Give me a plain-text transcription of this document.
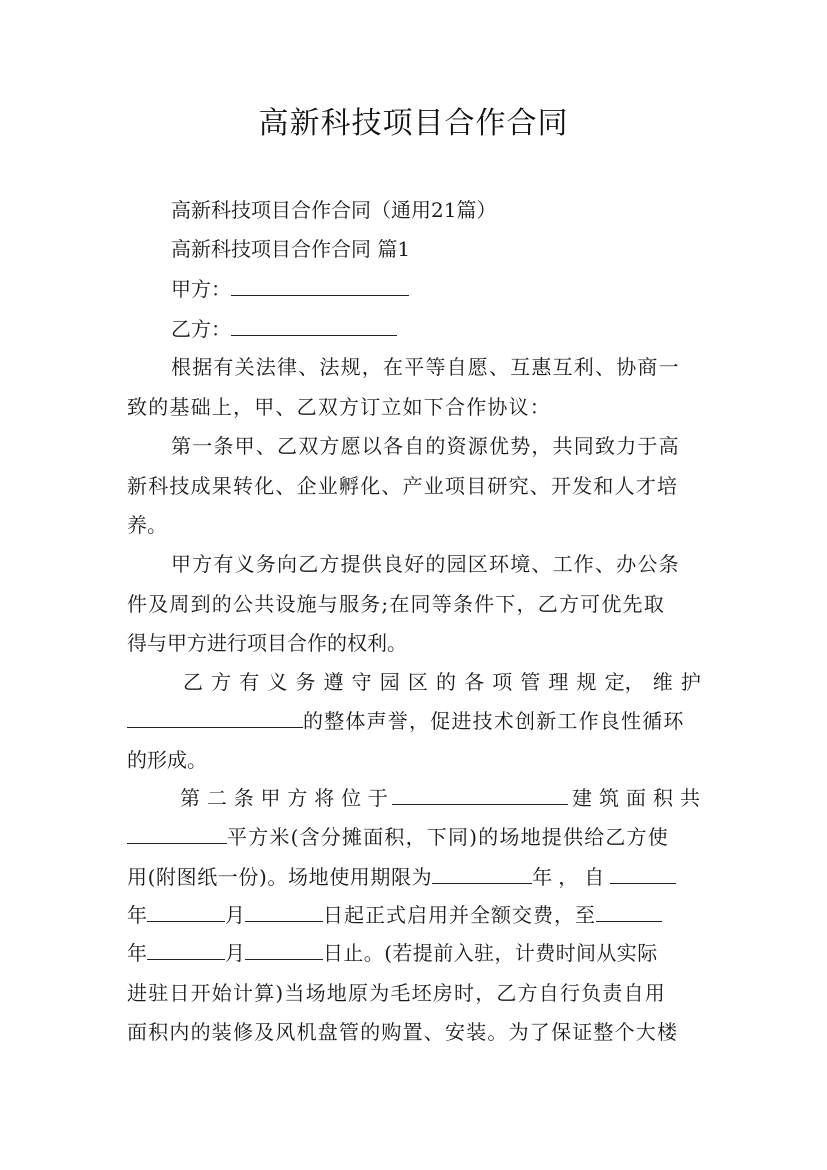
高新科技项目合作合同
高新科技项目合作合同（通用21篇）
高新科技项目合作合同 篇1
甲方：
乙方：
根据有关法律、法规，在平等自愿、互惠互利、协商一
致的基础上，甲、乙双方订立如下合作协议：
第一条甲、乙双方愿以各自的资源优势，共同致力于高
新科技成果转化、企业孵化、产业项目研究、开发和人才培
养。
甲方有义务向乙方提供良好的园区环境、工作、办公条
件及周到的公共设施与服务;在同等条件下，乙方可优先取
得与甲方进行项目合作的权利。
乙 方 有 义 务 遵 守 园 区 的 各 项 管 理 规 定， 维 护
的整体声誉，促进技术创新工作良性循环
的形成。
第 二 条 甲 方 将 位 于	建 筑 面 积 共
平方米(含分摊面积，下同)的场地提供给乙方使
用(附图纸一份)。场地使用期限为	年，自
年	月	日起正式启用并全额交费，至
年	月	日止。(若提前入驻，计费时间从实际
进驻日开始计算)当场地原为毛坯房时，乙方自行负责自用
面积内的装修及风机盘管的购置、安装。为了保证整个大楼
